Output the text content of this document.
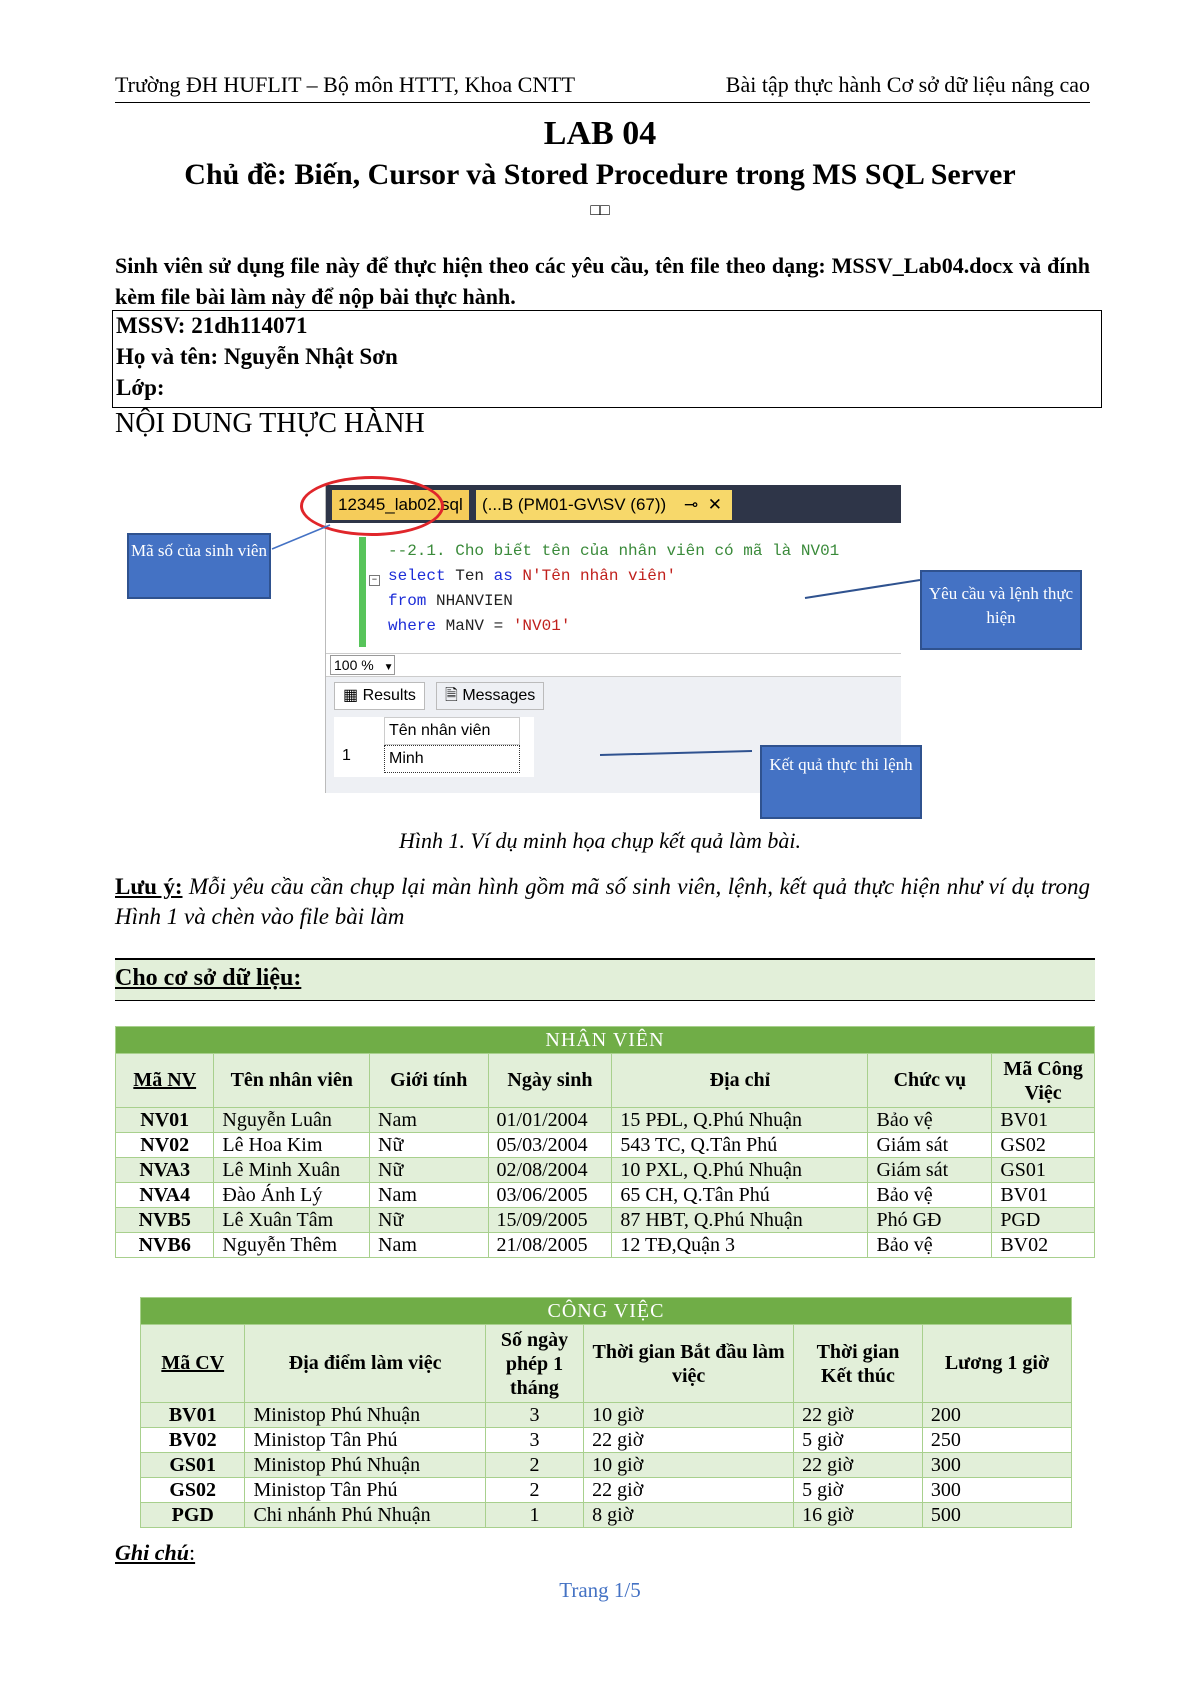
Trường ĐH HUFLIT – Bộ môn HTTT, Khoa CNTT	Bài tập thực hành Cơ sở dữ liệu nâng cao
LAB 04
Chủ đề: Biến, Cursor và Stored Procedure trong MS SQL Server
□□
Sinh viên sử dụng file này để thực hiện theo các yêu cầu, tên file theo dạng: MSSV_Lab04.docx và đính kèm file bài làm này để nộp bài thực hành.
MSSV: 21dh114071
Họ và tên: Nguyễn Nhật Sơn
Lớp:
NỘI DUNG THỰC HÀNH
12345_lab02.sql	(...B (PM01-GV\SV (67)) ⊸ ✕
−
--2.1. Cho biết tên của nhân viên có mã là NV01
select Ten as N'Tên nhân viên'
from NHANVIEN
where MaNV = 'NV01'
100 % ▼
▦ Results	🗎 Messages
Tên nhân viên
1	Minh
Mã số của sinh viên
Yêu cầu và lệnh thực hiện
Kết quả thực thi lệnh
Hình 1. Ví dụ minh họa chụp kết quả làm bài.
Lưu ý: Mỗi yêu cầu cần chụp lại màn hình gồm mã số sinh viên, lệnh, kết quả thực hiện như ví dụ trong Hình 1 và chèn vào file bài làm
Cho cơ sở dữ liệu:
NHÂN VIÊN						
Mã NV	Tên nhân viên	Giới tính	Ngày sinh	Địa chỉ	Chức vụ	Mã Công Việc
NV01	Nguyễn Luân	Nam	01/01/2004	15 PĐL, Q.Phú Nhuận	Bảo vệ	BV01
NV02	Lê Hoa Kim	Nữ	05/03/2004	543 TC, Q.Tân Phú	Giám sát	GS02
NVA3	Lê Minh Xuân	Nữ	02/08/2004	10 PXL, Q.Phú Nhuận	Giám sát	GS01
NVA4	Đào Ánh Lý	Nam	03/06/2005	65 CH, Q.Tân Phú	Bảo vệ	BV01
NVB5	Lê Xuân Tâm	Nữ	15/09/2005	87 HBT, Q.Phú Nhuận	Phó GĐ	PGD
NVB6	Nguyễn Thêm	Nam	21/08/2005	12 TĐ,Quận 3	Bảo vệ	BV02
CÔNG VIỆC					
Mã CV	Địa điểm làm việc	Số ngày phép 1 tháng	Thời gian Bắt đầu làm việc	Thời gian Kết thúc	Lương 1 giờ
BV01	Ministop Phú Nhuận	3	10 giờ	22 giờ	200
BV02	Ministop Tân Phú	3	22 giờ	5 giờ	250
GS01	Ministop Phú Nhuận	2	10 giờ	22 giờ	300
GS02	Ministop Tân Phú	2	22 giờ	5 giờ	300
PGD	Chi nhánh Phú Nhuận	1	8 giờ	16 giờ	500
Ghi chú:
Trang 1/5
